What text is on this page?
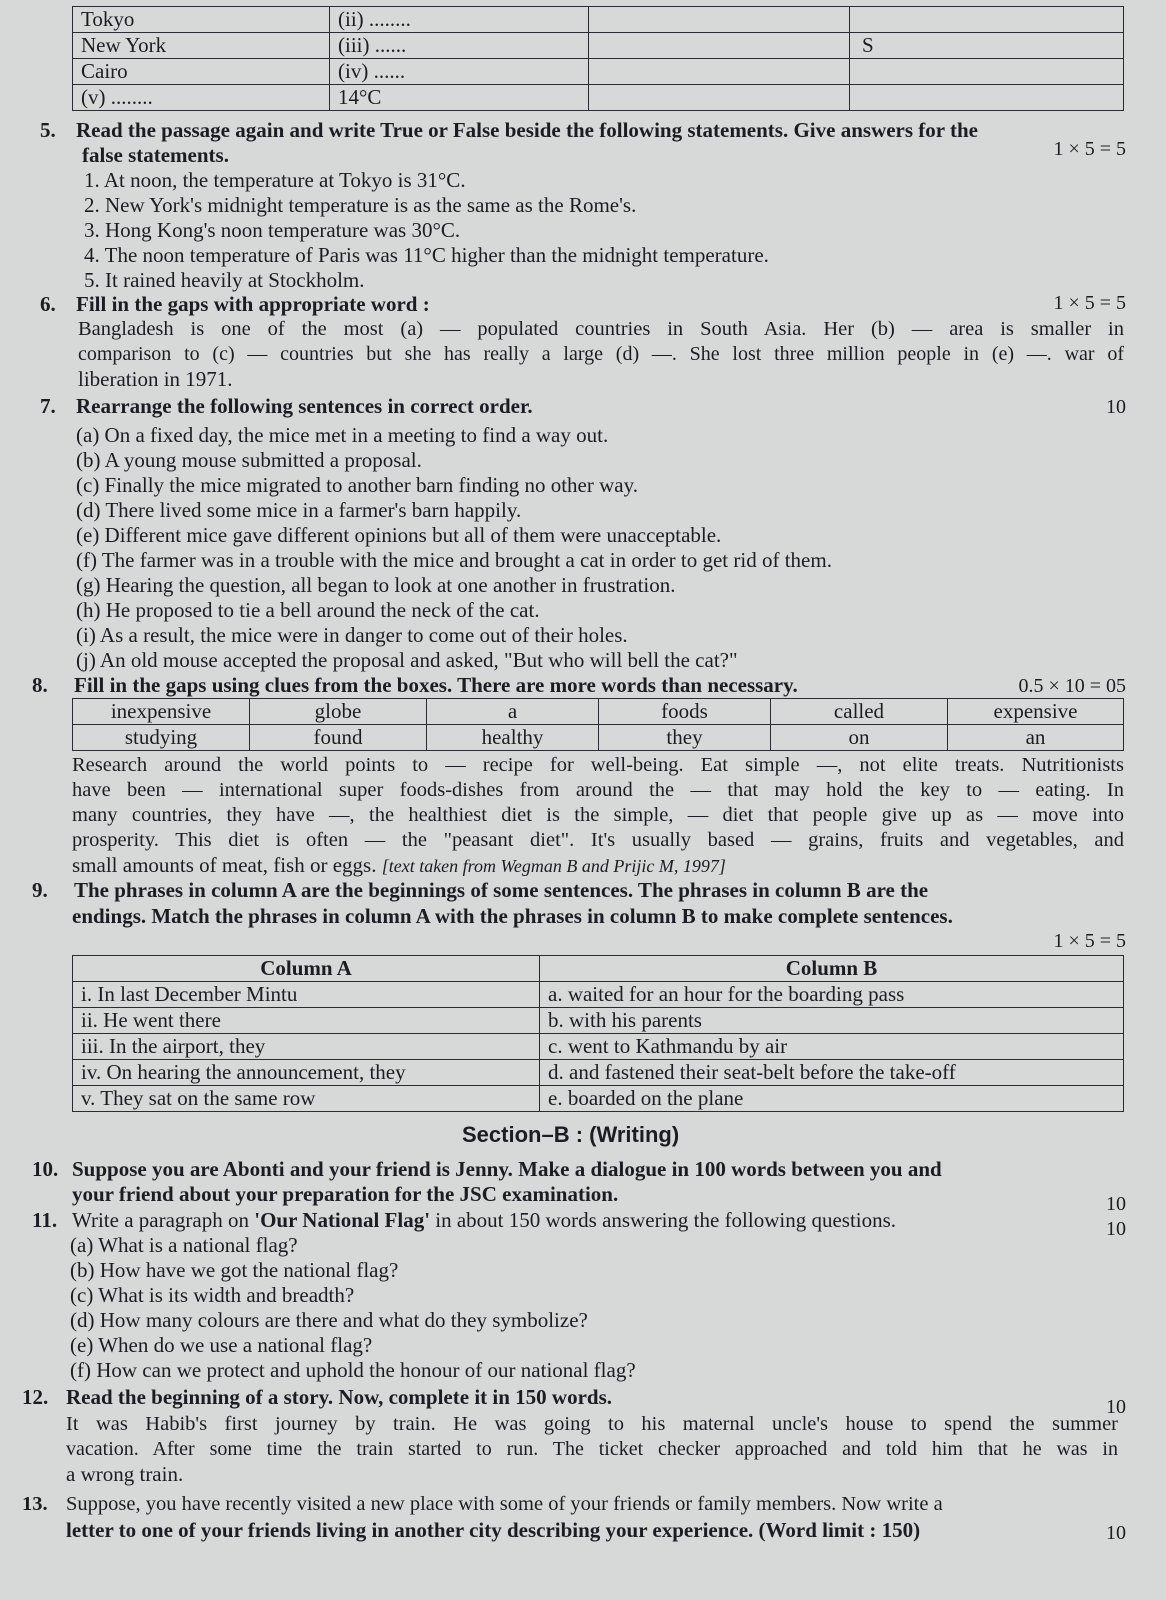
Tokyo	(ii) ........		
New York	(iii) ......		S
Cairo	(iv) ......		
(v) ........	14°C		
5. Read the passage again and write True or False beside the following statements. Give answers for the
false statements.	1 × 5 = 5
1. At noon, the temperature at Tokyo is 31°C.
2. New York's midnight temperature is as the same as the Rome's.
3. Hong Kong's noon temperature was 30°C.
4. The noon temperature of Paris was 11°C higher than the midnight temperature.
5. It rained heavily at Stockholm.
6. Fill in the gaps with appropriate word :	1 × 5 = 5
Bangladesh is one of the most (a) — populated countries in South Asia. Her (b) — area is smaller in
comparison to (c) — countries but she has really a large (d) —. She lost three million people in (e) —. war of
liberation in 1971.
7. Rearrange the following sentences in correct order.	10
(a) On a fixed day, the mice met in a meeting to find a way out.
(b) A young mouse submitted a proposal.
(c) Finally the mice migrated to another barn finding no other way.
(d) There lived some mice in a farmer's barn happily.
(e) Different mice gave different opinions but all of them were unacceptable.
(f) The farmer was in a trouble with the mice and brought a cat in order to get rid of them.
(g) Hearing the question, all began to look at one another in frustration.
(h) He proposed to tie a bell around the neck of the cat.
(i) As a result, the mice were in danger to come out of their holes.
(j) An old mouse accepted the proposal and asked, "But who will bell the cat?"
8. Fill in the gaps using clues from the boxes. There are more words than necessary.	0.5 × 10 = 05
inexpensive	globe	a	foods	called	expensive
studying	found	healthy	they	on	an
Research around the world points to — recipe for well-being. Eat simple —, not elite treats. Nutritionists
have been — international super foods-dishes from around the — that may hold the key to — eating. In
many countries, they have —, the healthiest diet is the simple, — diet that people give up as — move into
prosperity. This diet is often — the "peasant diet". It's usually based — grains, fruits and vegetables, and
small amounts of meat, fish or eggs. [text taken from Wegman B and Prijic M, 1997]
9. The phrases in column A are the beginnings of some sentences. The phrases in column B are the
endings. Match the phrases in column A with the phrases in column B to make complete sentences.
1 × 5 = 5
Column A	Column B
i. In last December Mintu	a. waited for an hour for the boarding pass
ii. He went there	b. with his parents
iii. In the airport, they	c. went to Kathmandu by air
iv. On hearing the announcement, they	d. and fastened their seat-belt before the take-off
v. They sat on the same row	e. boarded on the plane
Section–B : (Writing)
10. Suppose you are Abonti and your friend is Jenny. Make a dialogue in 100 words between you and
your friend about your preparation for the JSC examination.	10
11. Write a paragraph on 'Our National Flag' in about 150 words answering the following questions.	10
(a) What is a national flag?
(b) How have we got the national flag?
(c) What is its width and breadth?
(d) How many colours are there and what do they symbolize?
(e) When do we use a national flag?
(f) How can we protect and uphold the honour of our national flag?
12. Read the beginning of a story. Now, complete it in 150 words.	10
It was Habib's first journey by train. He was going to his maternal uncle's house to spend the summer
vacation. After some time the train started to run. The ticket checker approached and told him that he was in
a wrong train.
13. Suppose, you have recently visited a new place with some of your friends or family members. Now write a
letter to one of your friends living in another city describing your experience. (Word limit : 150)	10
